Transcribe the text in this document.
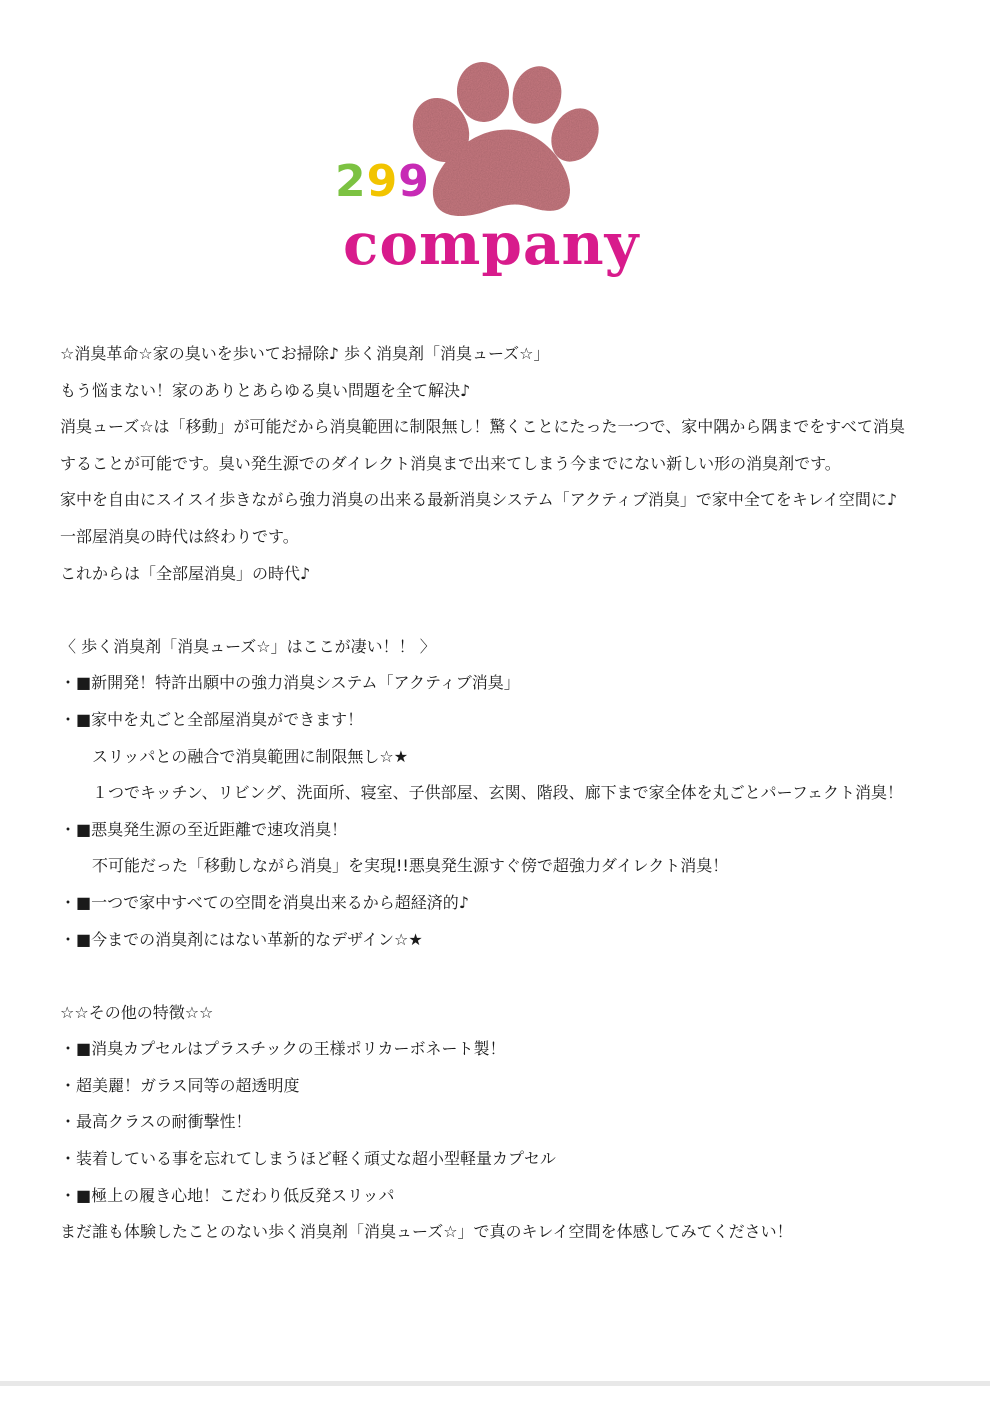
299
company
☆消臭革命☆家の臭いを歩いてお掃除♪ 歩く消臭剤「消臭ューズ☆」
もう悩まない！家のありとあらゆる臭い問題を全て解決♪
消臭ューズ☆は「移動」が可能だから消臭範囲に制限無し！驚くことにたった一つで、家中隅から隅までをすべて消臭
することが可能です。臭い発生源でのダイレクト消臭まで出来てしまう今までにない新しい形の消臭剤です。
家中を自由にスイスイ歩きながら強力消臭の出来る最新消臭システム「アクティブ消臭」で家中全てをキレイ空間に♪
一部屋消臭の時代は終わりです。
これからは「全部屋消臭」の時代♪
〈 歩く消臭剤「消臭ューズ☆」はここが凄い！！ 〉
・■新開発！特許出願中の強力消臭システム「アクティブ消臭」
・■家中を丸ごと全部屋消臭ができます！
スリッパとの融合で消臭範囲に制限無し☆★
１つでキッチン、リビング、洗面所、寝室、子供部屋、玄関、階段、廊下まで家全体を丸ごとパーフェクト消臭！
・■悪臭発生源の至近距離で速攻消臭！
不可能だった「移動しながら消臭」を実現!!悪臭発生源すぐ傍で超強力ダイレクト消臭！
・■一つで家中すべての空間を消臭出来るから超経済的♪
・■今までの消臭剤にはない革新的なデザイン☆★
☆☆その他の特徴☆☆
・■消臭カプセルはプラスチックの王様ポリカーボネート製！
・超美麗！ガラス同等の超透明度
・最高クラスの耐衝撃性！
・装着している事を忘れてしまうほど軽く頑丈な超小型軽量カプセル
・■極上の履き心地！こだわり低反発スリッパ
まだ誰も体験したことのない歩く消臭剤「消臭ューズ☆」で真のキレイ空間を体感してみてください！
